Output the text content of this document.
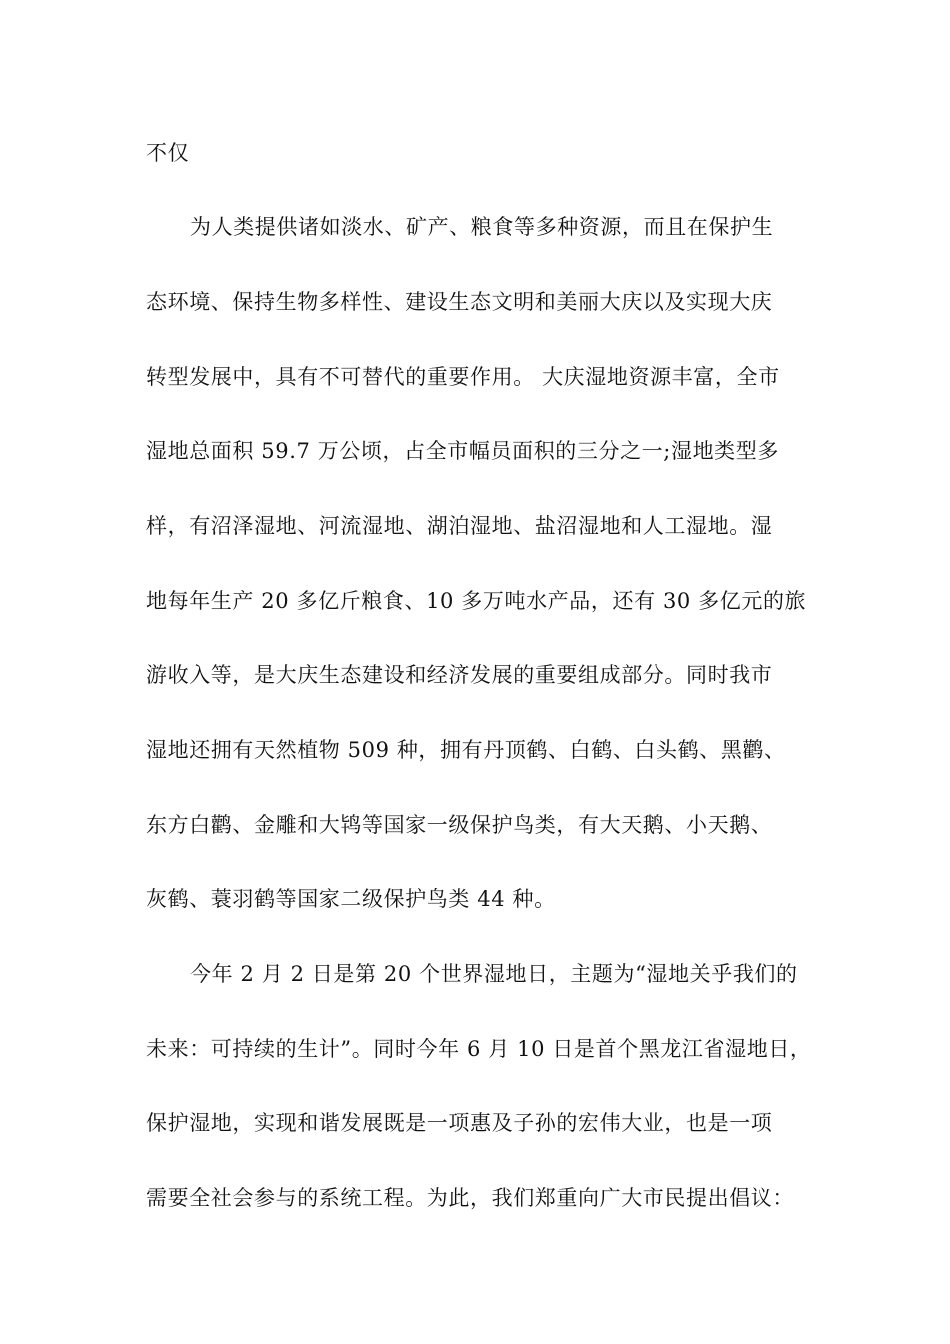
不仅
为人类提供诸如淡水、矿产、粮食等多种资源，而且在保护生
态环境、保持生物多样性、建设生态文明和美丽大庆以及实现大庆
转型发展中，具有不可替代的重要作用。 大庆湿地资源丰富，全市
湿地总面积 59.7 万公顷，占全市幅员面积的三分之一;湿地类型多
样，有沼泽湿地、河流湿地、湖泊湿地、盐沼湿地和人工湿地。湿
地每年生产 20 多亿斤粮食、10 多万吨水产品，还有 30 多亿元的旅
游收入等，是大庆生态建设和经济发展的重要组成部分。同时我市
湿地还拥有天然植物 509 种，拥有丹顶鹤、白鹤、白头鹤、黑鹳、
东方白鹳、金雕和大鸨等国家一级保护鸟类，有大天鹅、小天鹅、
灰鹤、蓑羽鹤等国家二级保护鸟类 44 种。
今年 2 月 2 日是第 20 个世界湿地日，主题为“湿地关乎我们的
未来：可持续的生计”。同时今年 6 月 10 日是首个黑龙江省湿地日，
保护湿地，实现和谐发展既是一项惠及子孙的宏伟大业，也是一项
需要全社会参与的系统工程。为此，我们郑重向广大市民提出倡议：
